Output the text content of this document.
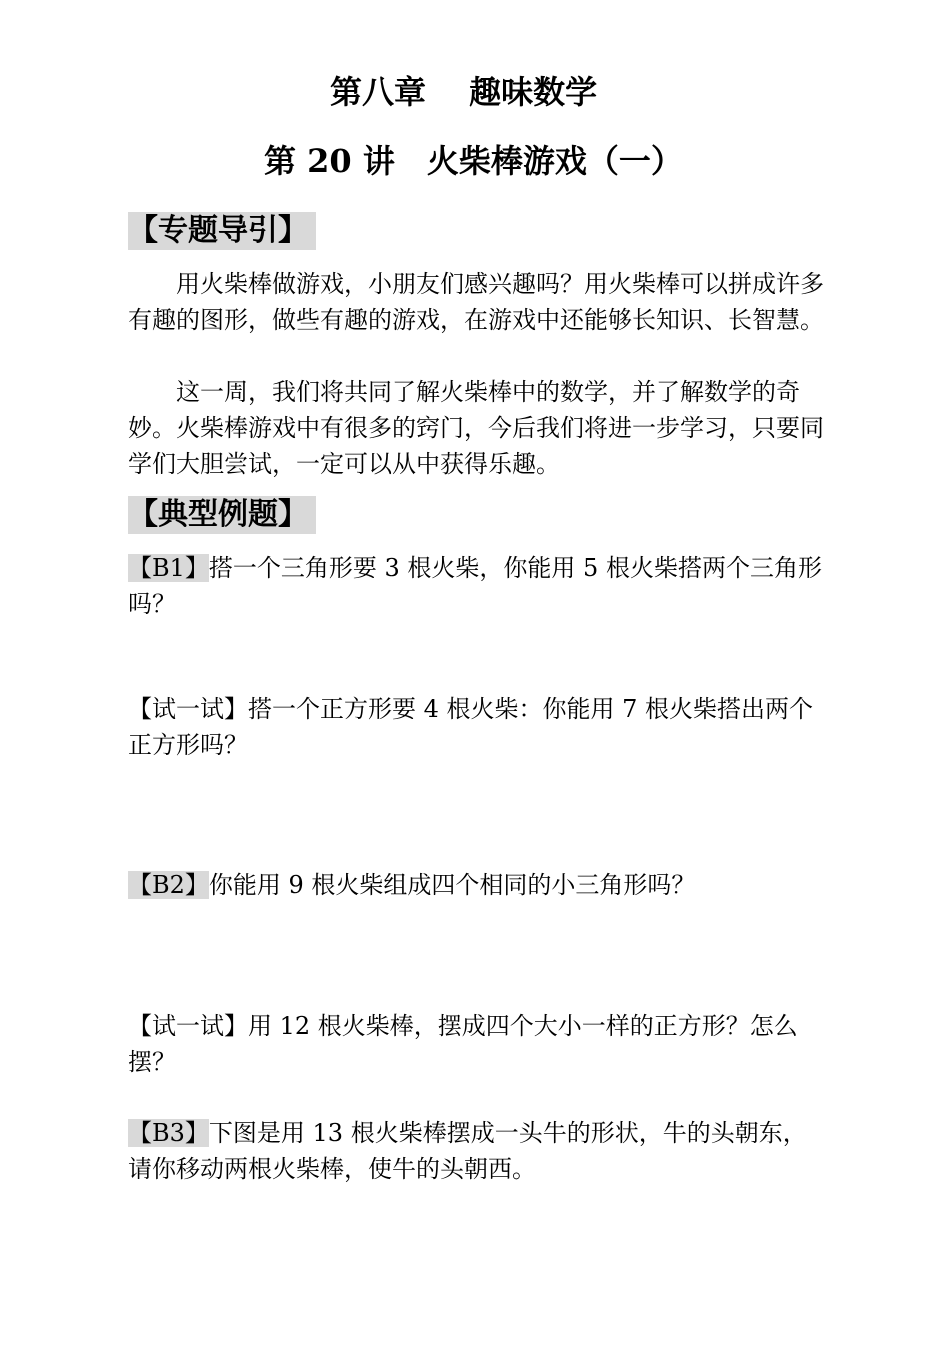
第八章　 趣味数学
第 20 讲　火柴棒游戏（一）
【专题导引】
用火柴棒做游戏，小朋友们感兴趣吗？用火柴棒可以拼成许多有趣的图形，做些有趣的游戏，在游戏中还能够长知识、长智慧。
这一周，我们将共同了解火柴棒中的数学，并了解数学的奇妙。火柴棒游戏中有很多的窍门，今后我们将进一步学习，只要同学们大胆尝试，一定可以从中获得乐趣。
【典型例题】
【B1】搭一个三角形要 3 根火柴，你能用 5 根火柴搭两个三角形吗？
【试一试】搭一个正方形要 4 根火柴：你能用 7 根火柴搭出两个正方形吗？
【B2】你能用 9 根火柴组成四个相同的小三角形吗？
【试一试】用 12 根火柴棒，摆成四个大小一样的正方形？怎么摆？
【B3】下图是用 13 根火柴棒摆成一头牛的形状，牛的头朝东，请你移动两根火柴棒，使牛的头朝西。
